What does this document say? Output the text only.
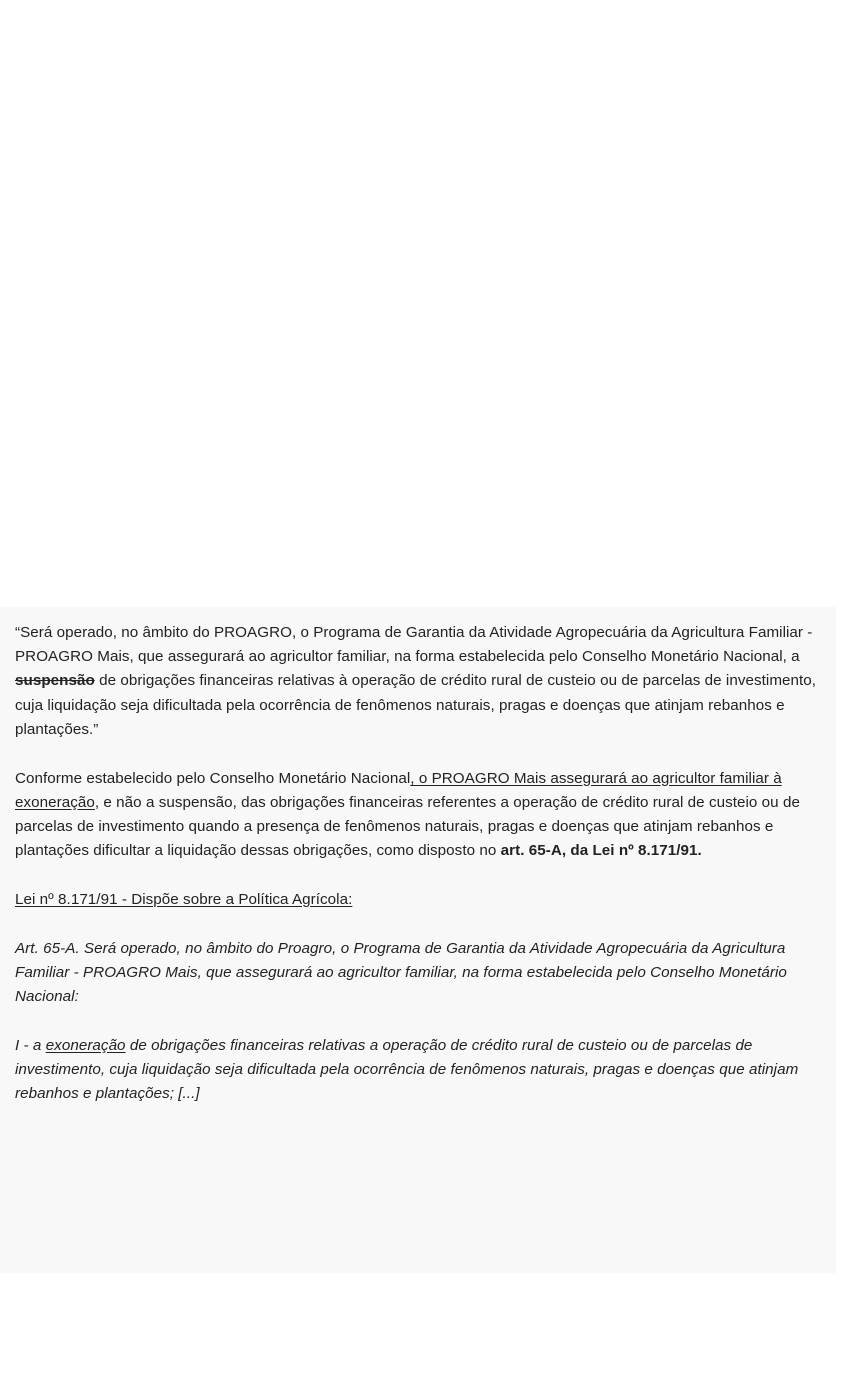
“Será operado, no âmbito do PROAGRO, o Programa de Garantia da Atividade Agropecuária da Agricultura Familiar - PROAGRO Mais, que assegurará ao agricultor familiar, na forma estabelecida pelo Conselho Monetário Nacional, a suspensão de obrigações financeiras relativas à operação de crédito rural de custeio ou de parcelas de investimento, cuja liquidação seja dificultada pela ocorrência de fenômenos naturais, pragas e doenças que atinjam rebanhos e plantações.”

Conforme estabelecido pelo Conselho Monetário Nacional, o PROAGRO Mais assegurará ao agricultor familiar à exoneração, e não a suspensão, das obrigações financeiras referentes a operação de crédito rural de custeio ou de parcelas de investimento quando a presença de fenômenos naturais, pragas e doenças que atinjam rebanhos e plantações dificultar a liquidação dessas obrigações, como disposto no art. 65-A, da Lei nº 8.171/91.

Lei nº 8.171/91 - Dispõe sobre a Política Agrícola:

Art. 65-A. Será operado, no âmbito do Proagro, o Programa de Garantia da Atividade Agropecuária da Agricultura Familiar - PROAGRO Mais, que assegurará ao agricultor familiar, na forma estabelecida pelo Conselho Monetário Nacional:

I - a exoneração de obrigações financeiras relativas a operação de crédito rural de custeio ou de parcelas de investimento, cuja liquidação seja dificultada pela ocorrência de fenômenos naturais, pragas e doenças que atinjam rebanhos e plantações; [...]
